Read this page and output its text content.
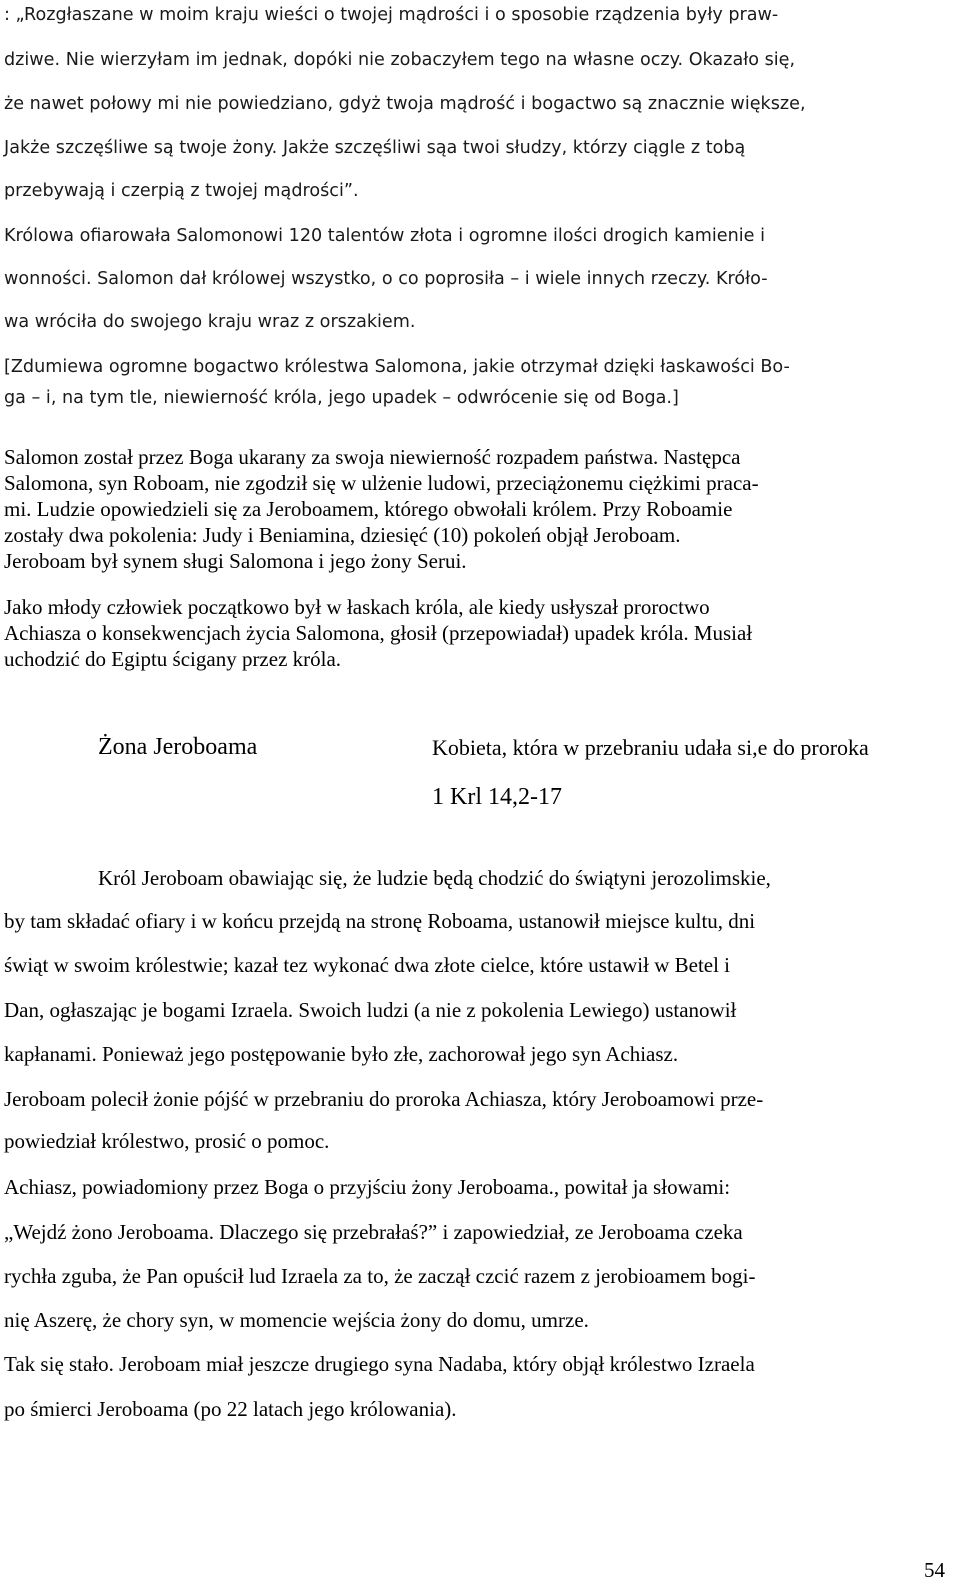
: „Rozgłaszane w moim kraju wieści o twojej mądrości i o sposobie rządzenia były praw-

dziwe. Nie wierzyłam im jednak, dopóki nie zobaczyłem tego na własne oczy. Okazało się,

że nawet połowy mi nie powiedziano, gdyż twoja mądrość i bogactwo są znacznie większe,

Jakże szczęśliwe są twoje żony. Jakże szczęśliwi sąa twoi słudzy, którzy ciągle z tobą

przebywają i czerpią z twojej mądrości”.

Królowa ofiarowała Salomonowi 120 talentów złota i ogromne ilości drogich kamienie i

wonności. Salomon dał królowej wszystko, o co poprosiła – i wiele innych rzeczy. Króło-

wa wróciła do swojego kraju wraz z orszakiem.

[Zdumiewa ogromne bogactwo królestwa Salomona, jakie otrzymał dzięki łaskawości Bo-

ga – i, na tym tle, niewierność króla, jego upadek – odwrócenie się od Boga.]

Salomon został przez Boga ukarany za swoja niewierność rozpadem państwa. Następca

Salomona, syn Roboam, nie zgodził się w ulżenie ludowi, przeciążonemu ciężkimi praca-

mi. Ludzie opowiedzieli się za Jeroboamem, którego obwołali królem. Przy Roboamie

zostały dwa pokolenia: Judy i Beniamina, dziesięć (10) pokoleń objął Jeroboam.

Jeroboam był synem sługi Salomona i jego żony Serui.

Jako młody człowiek początkowo był w łaskach króla, ale kiedy usłyszał proroctwo

Achiasza o konsekwencjach życia Salomona, głosił (przepowiadał) upadek króla. Musiał

uchodzić do Egiptu ścigany przez króla.

Żona Jeroboama	Kobieta, która w przebraniu udała si,e do proroka

1 Krl 14,2-17

Król Jeroboam obawiając się, że ludzie będą chodzić do świątyni jerozolimskie,

by tam składać ofiary i w końcu przejdą na stronę Roboama, ustanowił miejsce kultu, dni

świąt w swoim królestwie; kazał tez wykonać dwa złote cielce, które ustawił w Betel i

Dan, ogłaszając je bogami Izraela. Swoich ludzi (a nie z pokolenia Lewiego) ustanowił

kapłanami. Ponieważ jego postępowanie było złe, zachorował jego syn Achiasz.

Jeroboam polecił żonie pójść w przebraniu do proroka Achiasza, który Jeroboamowi prze-

powiedział królestwo, prosić o pomoc.

Achiasz, powiadomiony przez Boga o przyjściu żony Jeroboama., powitał ja słowami:

„Wejdź żono Jeroboama. Dlaczego się przebrałaś?” i zapowiedział, ze Jeroboama czeka

rychła zguba, że Pan opuścił lud Izraela za to, że zaczął czcić razem z jerobioamem bogi-

nię Aszerę, że chory syn, w momencie wejścia żony do domu, umrze.

Tak się stało. Jeroboam miał jeszcze drugiego syna Nadaba, który objął królestwo Izraela

po śmierci Jeroboama (po 22 latach jego królowania).

54
